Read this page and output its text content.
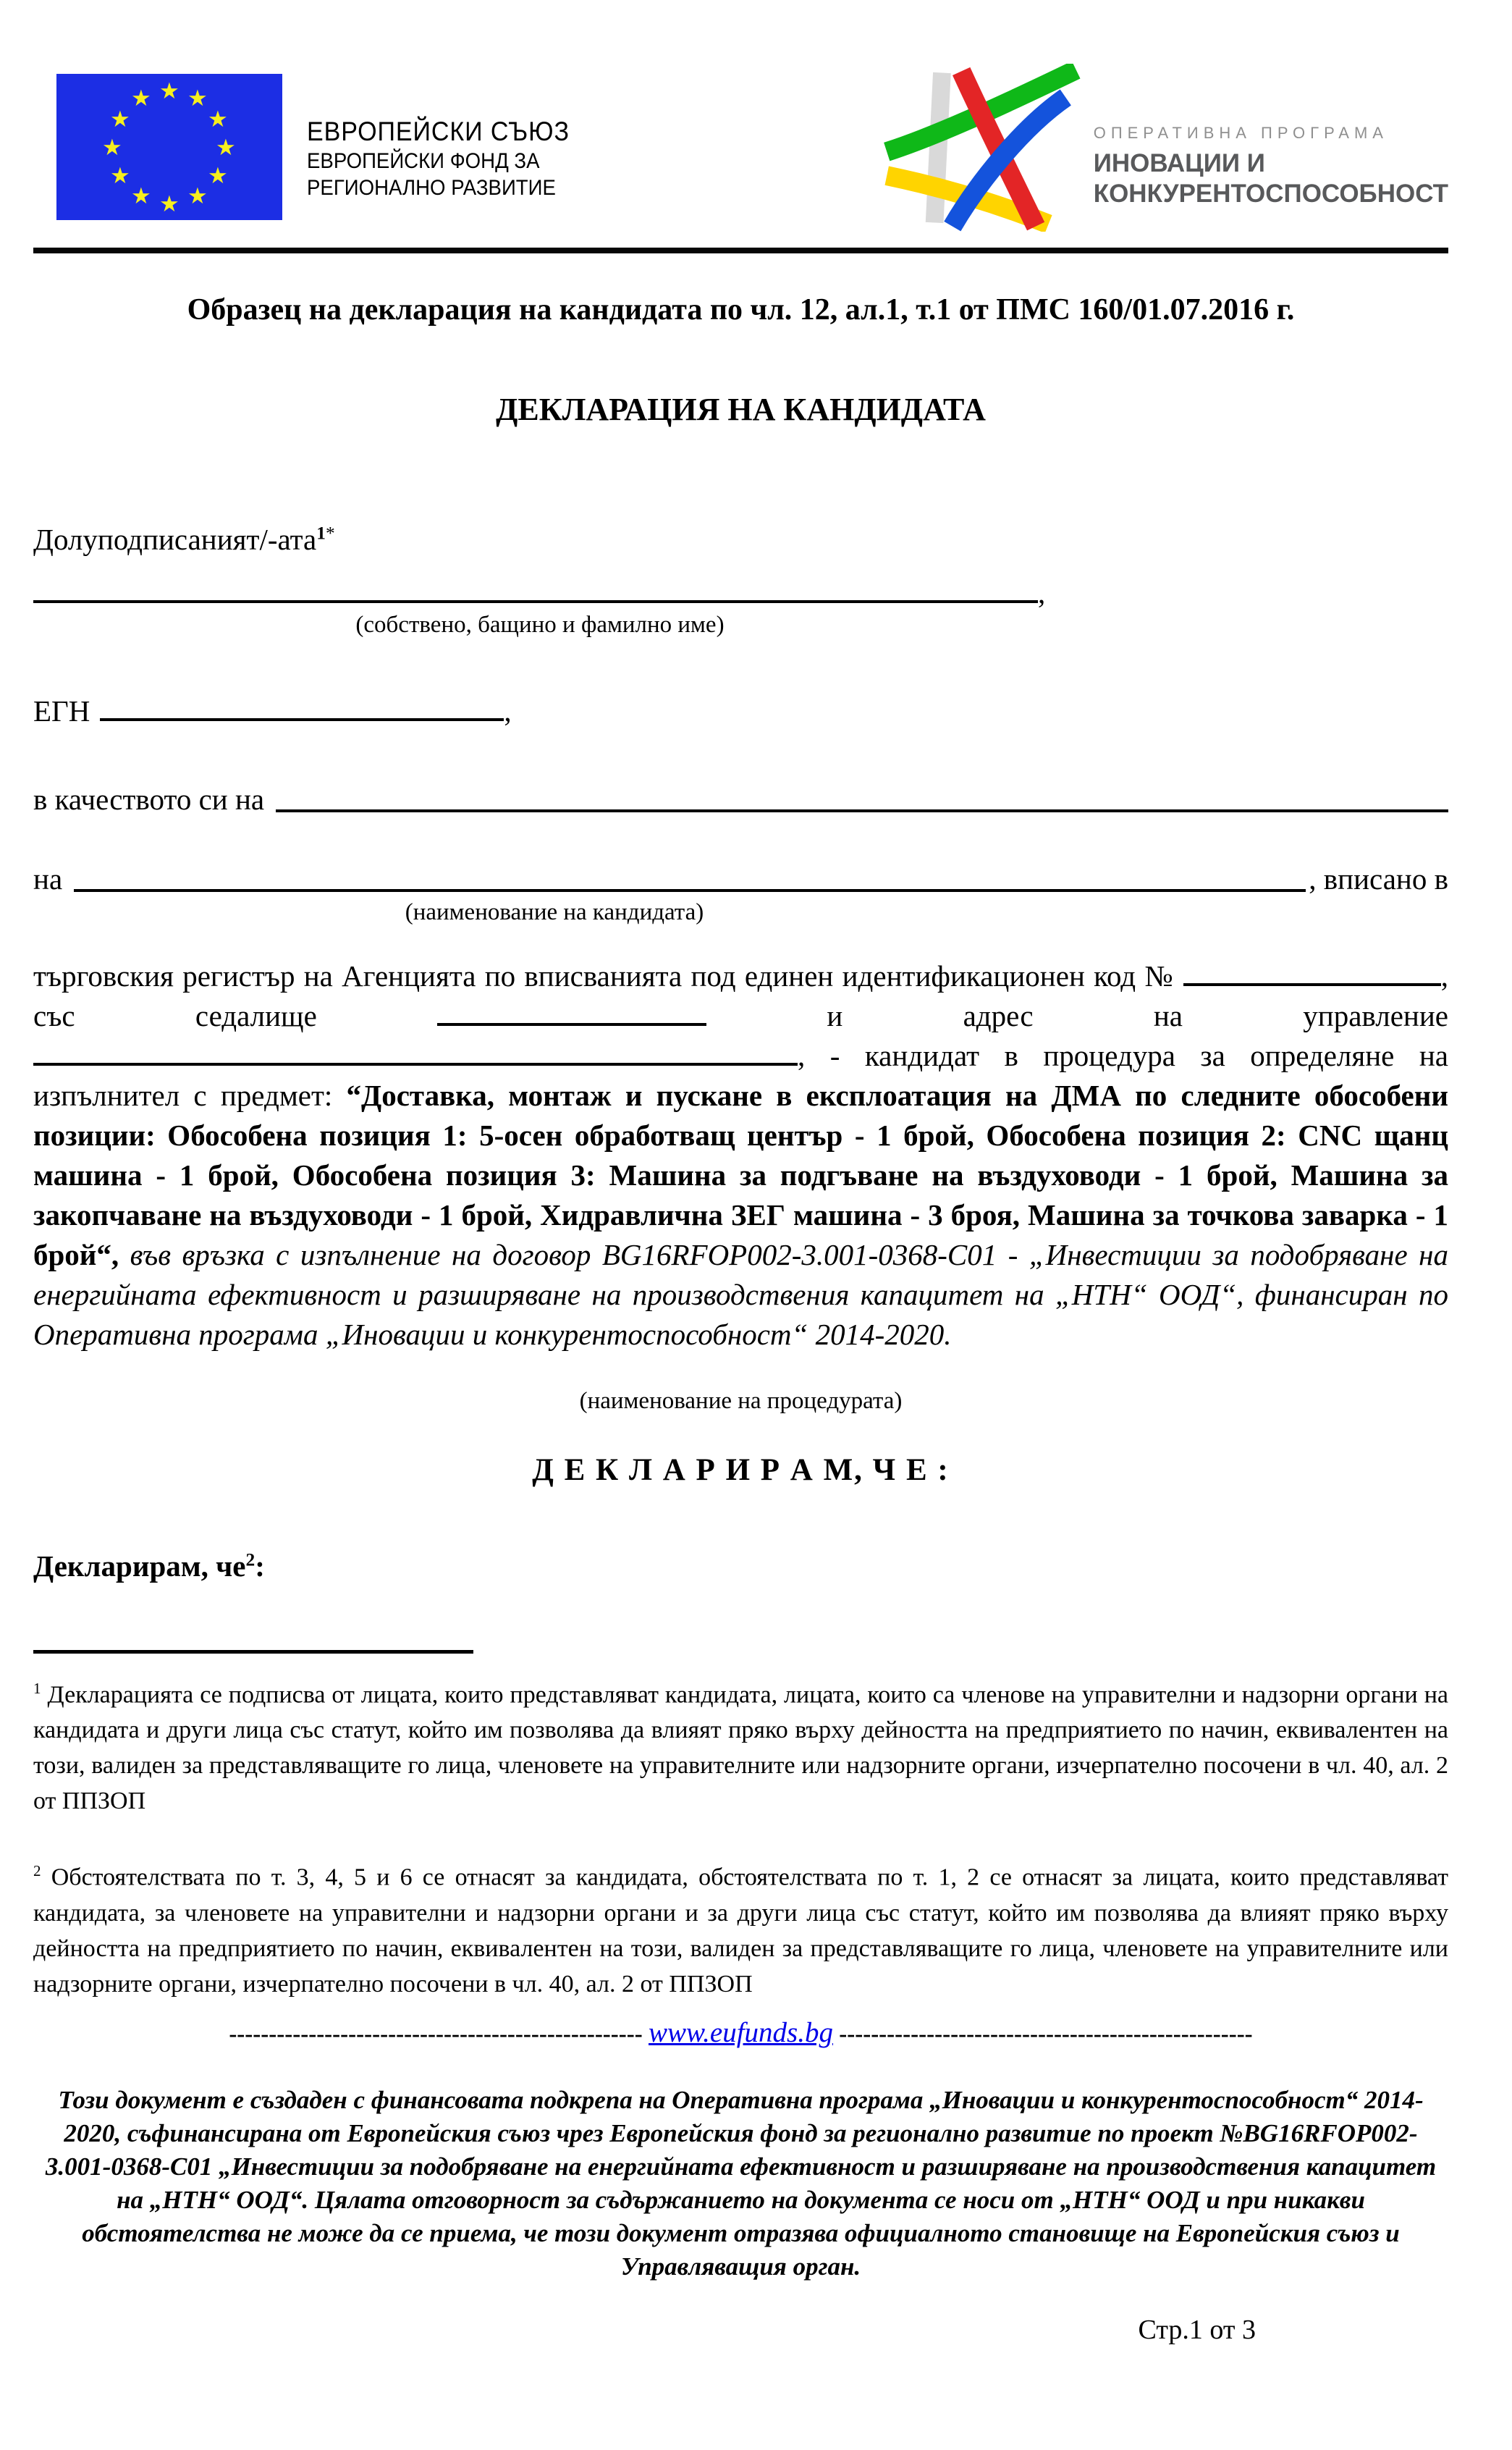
★ ★
★
★
★
★
★
★
★
★
★
★
ЕВРОПЕЙСКИ СЪЮЗ
ЕВРОПЕЙСКИ ФОНД ЗА
РЕГИОНАЛНО РАЗВИТИЕ
ОПЕРАТИВНА ПРОГРАМА
ИНОВАЦИИ И
КОНКУРЕНТОСПОСОБНОСТ
Образец на декларация на кандидата по чл. 12, ал.1, т.1 от ПМС 160/01.07.2016 г.
ДЕКЛАРАЦИЯ НА КАНДИДАТА
Долуподписаният/-ата$^{1*}$
,
(собствено, бащино и фамилно име)
ЕГН	,
в качеството си на
на	, вписано в
(наименование на кандидата)
търговския регистър на Агенцията по вписванията под единен идентификационен код №	, със седалище	и адрес на управление , - кандидат в процедура за определяне на изпълнител с предмет: “Доставка, монтаж и пускане в експлоатация на ДМА по следните обособени позиции: Обособена позиция 1: 5-осен обработващ център - 1 брой, Обособена позиция 2: CNC щанц машина - 1 брой, Обособена позиция 3: Машина за подгъване на въздуховоди - 1 брой, Машина за закопчаване на въздуховоди - 1 брой, Хидравлична ЗЕГ машина - 3 броя, Машина за точкова заварка - 1 брой“, във връзка с изпълнение на договор BG16RFOP002-3.001-0368-C01 - „Инвестиции за подобряване на енергийната ефективност и разширяване на производствения капацитет на „НТН“ ООД“, финансиран по Оперативна програма „Иновации и конкурентоспособност“ 2014-2020.
(наименование на процедурата)
Д Е К Л А Р И Р А М, Ч Е :
Декларирам, $че^2$:
$^1$ Декларацията се подписва от лицата, които представляват кандидата, лицата, които са членове на управителни и надзорни органи на кандидата и други лица със статут, който им позволява да влияят пряко върху дейността на предприятието по начин, еквивалентен на този, валиден за представляващите го лица, членовете на управителните или надзорните органи, изчерпателно посочени в чл. 40, ал. 2 от ППЗОП
$^2$ Обстоятелствата по т. 3, 4, 5 и 6 се отнасят за кандидата, обстоятелствата по т. 1, 2 се отнасят за лицата, които представляват кандидата, за членовете на управителни и надзорни органи и за други лица със статут, който им позволява да влияят пряко върху дейността на предприятието по начин, еквивалентен на този, валиден за представляващите го лица, членовете на управителните или надзорните органи, изчерпателно посочени в чл. 40, ал. 2 от ППЗОП
---------------------------------------------------- www.eufunds.bg ----------------------------------------------------
Този документ е създаден с финансовата подкрепа на Оперативна програма „Иновации и конкурентоспособност“ 2014-2020, съфинансирана от Европейския съюз чрез Европейския фонд за регионално развитие по проект №BG16RFOP002-3.001-0368-C01 „Инвестиции за подобряване на енергийната ефективност и разширяване на производствения капацитет на „НТН“ ООД“. Цялата отговорност за съдържанието на документа се носи от „НТН“ ООД и при никакви обстоятелства не може да се приема, че този документ отразява официалното становище на Европейския съюз и Управляващия орган.
Стр.1 от 3
